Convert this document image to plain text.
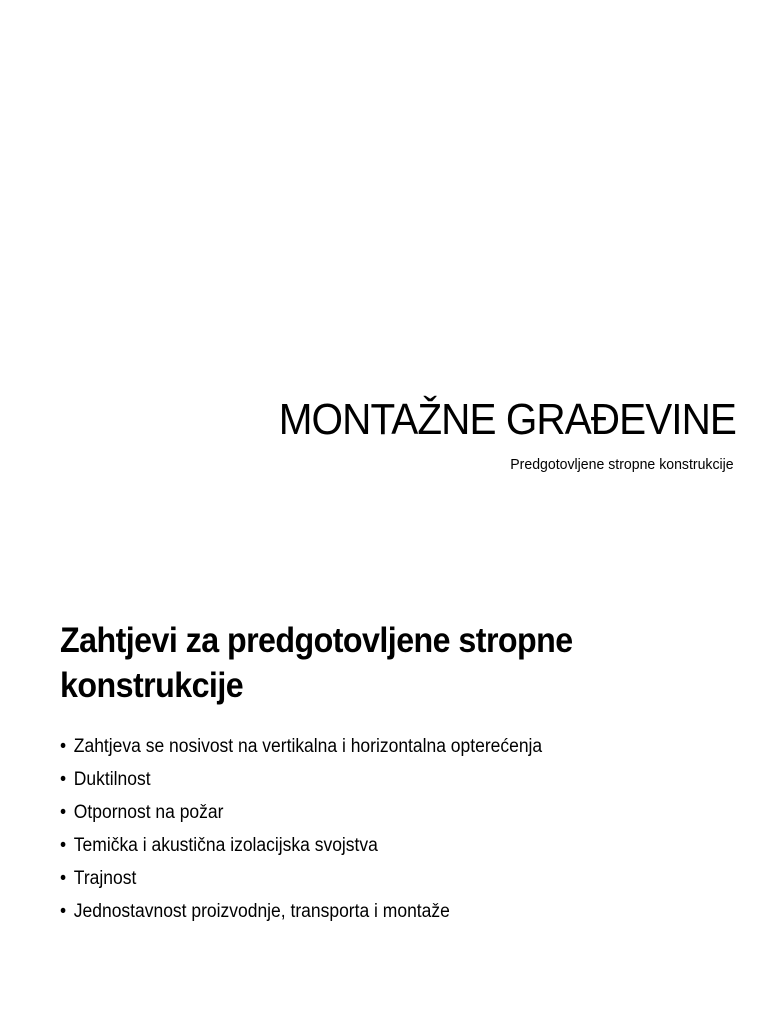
MONTAŽNE GRAĐEVINE

Predgotovljene stropne konstrukcije

Zahtjevi za predgotovljene stropne konstrukcije
• Zahtjeva se nosivost na vertikalna i horizontalna opterećenja
• Duktilnost
• Otpornost na požar
• Temička i akustična izolacijska svojstva
• Trajnost
• Jednostavnost proizvodnje, transporta i montaže
